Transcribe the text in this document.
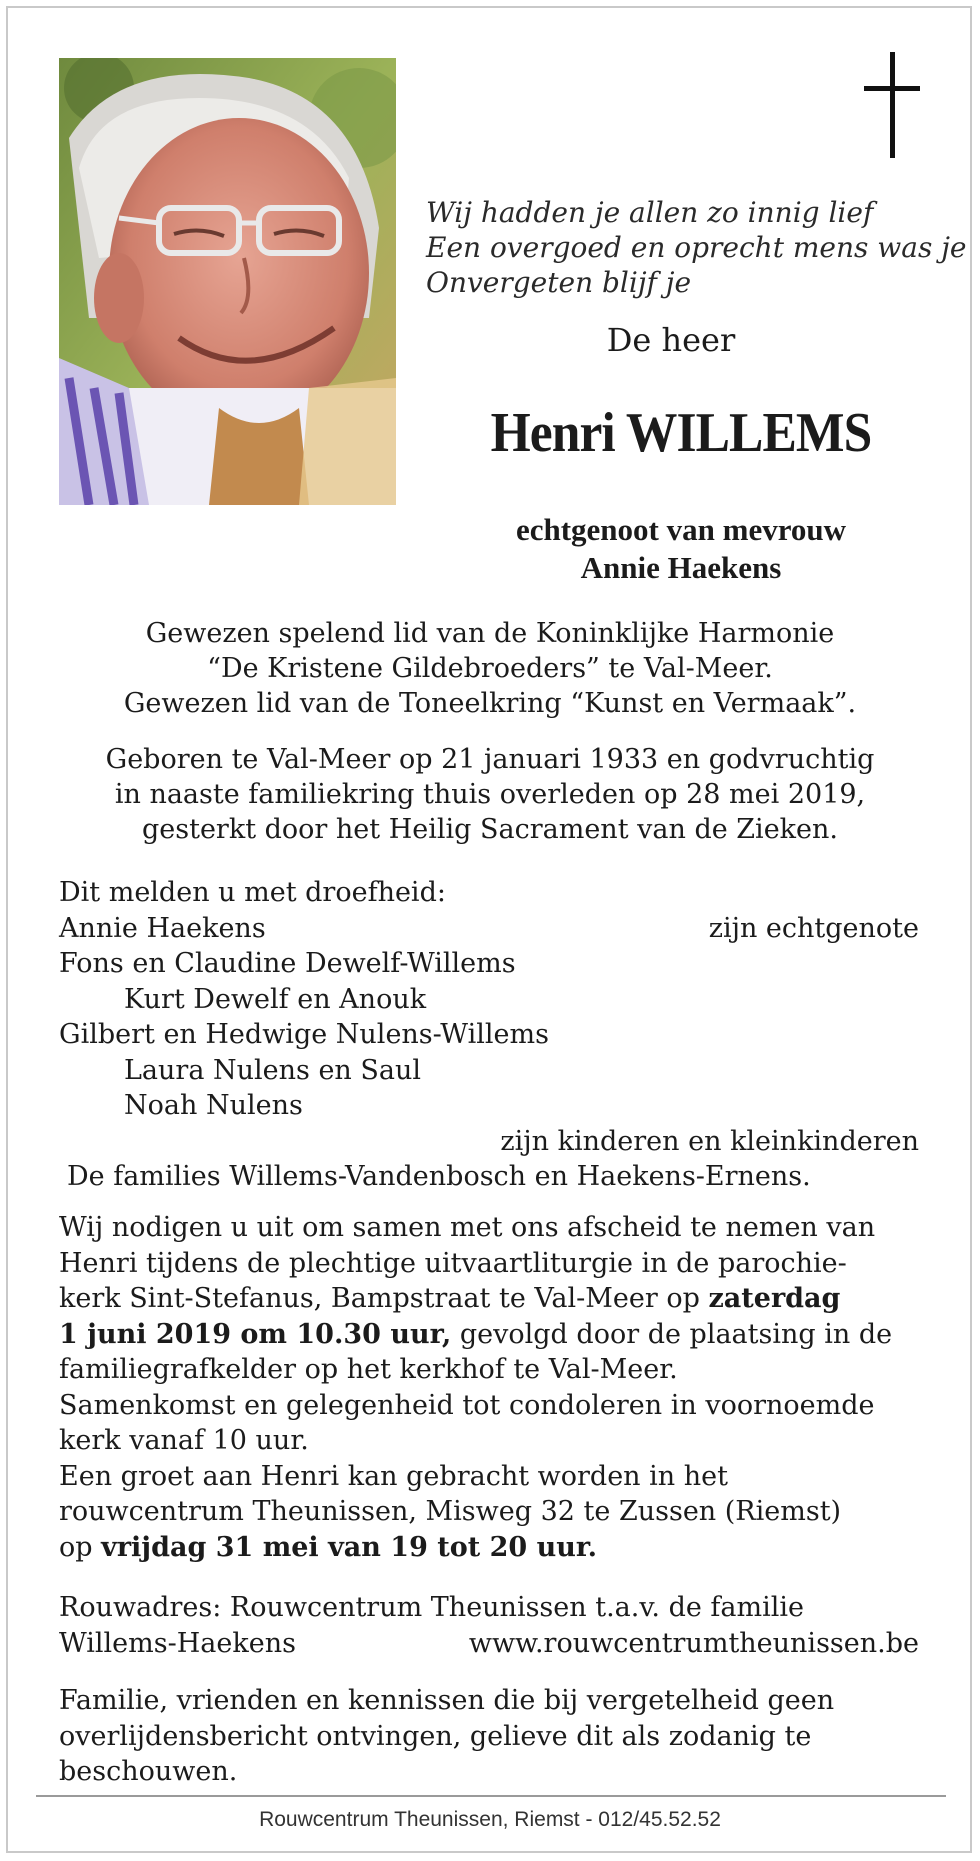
Wij hadden je allen zo innig lief
Een overgoed en oprecht mens was je
Onvergeten blijf je
De heer
Henri WILLEMS
echtgenoot van mevrouw
Annie Haekens
Gewezen spelend lid van de Koninklijke Harmonie
“De Kristene Gildebroeders” te Val-Meer.
Gewezen lid van de Toneelkring “Kunst en Vermaak”.
Geboren te Val-Meer op 21 januari 1933 en godvruchtig
in naaste familiekring thuis overleden op 28 mei 2019,
gesterkt door het Heilig Sacrament van de Zieken.
Dit melden u met droefheid:
Annie Haekens	zijn echtgenote
Fons en Claudine Dewelf-Willems
Kurt Dewelf en Anouk
Gilbert en Hedwige Nulens-Willems
Laura Nulens en Saul
Noah Nulens
zijn kinderen en kleinkinderen
De families Willems-Vandenbosch en Haekens-Ernens.
Wij nodigen u uit om samen met ons afscheid te nemen van
Henri tijdens de plechtige uitvaartliturgie in de parochie-
kerk Sint-Stefanus, Bampstraat te Val-Meer op zaterdag
1 juni 2019 om 10.30 uur, gevolgd door de plaatsing in de
familiegrafkelder op het kerkhof te Val-Meer.
Samenkomst en gelegenheid tot condoleren in voornoemde
kerk vanaf 10 uur.
Een groet aan Henri kan gebracht worden in het
rouwcentrum Theunissen, Misweg 32 te Zussen (Riemst)
op vrijdag 31 mei van 19 tot 20 uur.
Rouwadres: Rouwcentrum Theunissen t.a.v. de familie
Willems-Haekens	www.rouwcentrumtheunissen.be
Familie, vrienden en kennissen die bij vergetelheid geen
overlijdensbericht ontvingen, gelieve dit als zodanig te
beschouwen.
Rouwcentrum Theunissen, Riemst - 012/45.52.52
